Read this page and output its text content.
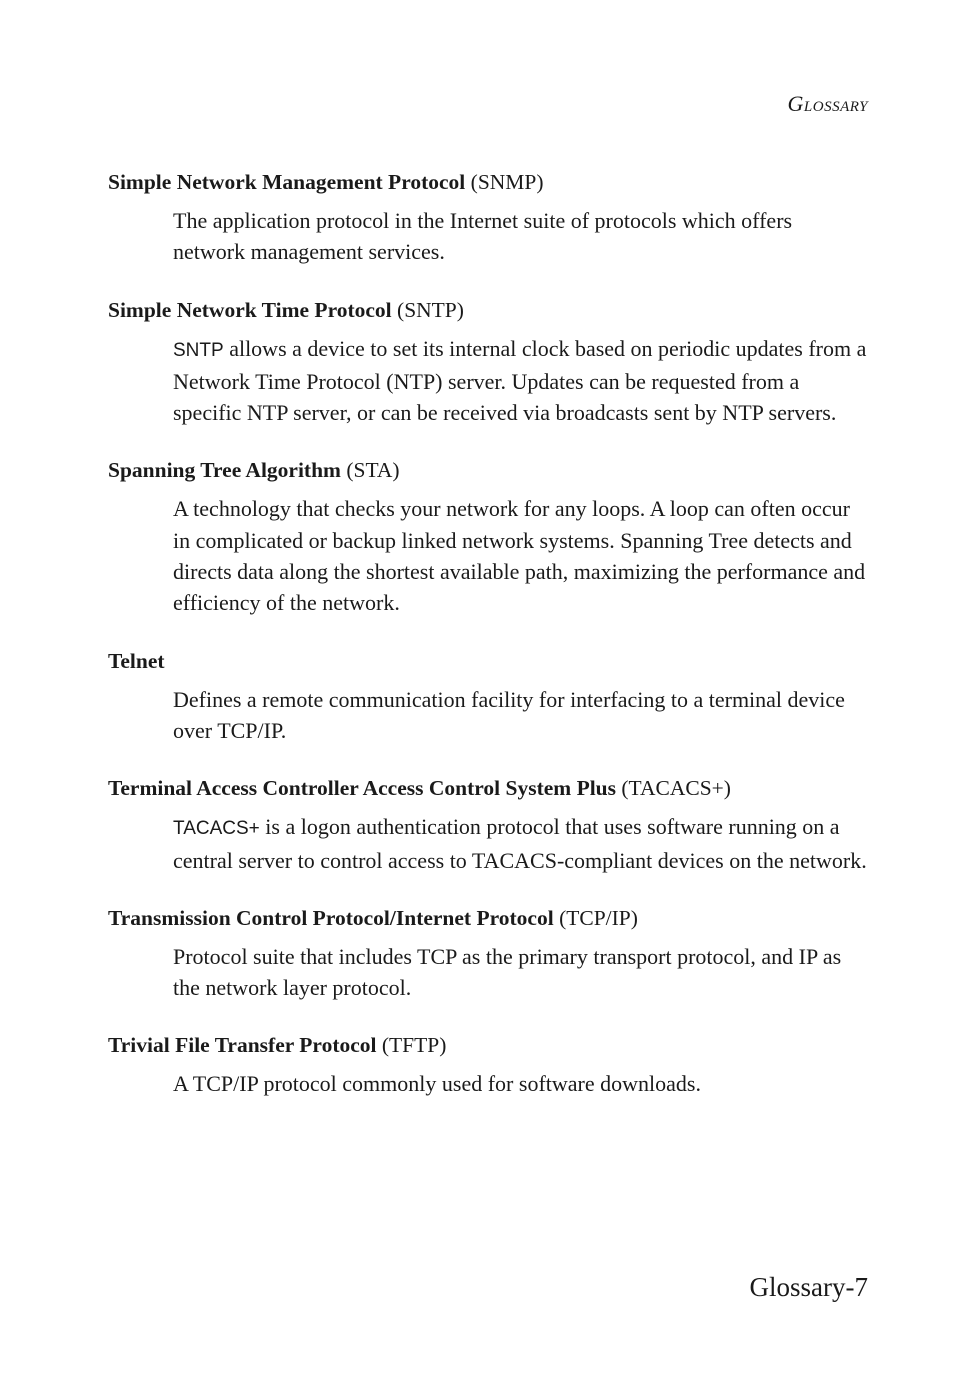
Glossary
Simple Network Management Protocol (SNMP)
The application protocol in the Internet suite of protocols which offers network management services.
Simple Network Time Protocol (SNTP)
SNTP allows a device to set its internal clock based on periodic updates from a Network Time Protocol (NTP) server. Updates can be requested from a specific NTP server, or can be received via broadcasts sent by NTP servers.
Spanning Tree Algorithm (STA)
A technology that checks your network for any loops. A loop can often occur in complicated or backup linked network systems. Spanning Tree detects and directs data along the shortest available path, maximizing the performance and efficiency of the network.
Telnet
Defines a remote communication facility for interfacing to a terminal device over TCP/IP.
Terminal Access Controller Access Control System Plus (TACACS+)
TACACS+ is a logon authentication protocol that uses software running on a central server to control access to TACACS-compliant devices on the network.
Transmission Control Protocol/Internet Protocol (TCP/IP)
Protocol suite that includes TCP as the primary transport protocol, and IP as the network layer protocol.
Trivial File Transfer Protocol (TFTP)
A TCP/IP protocol commonly used for software downloads.
Glossary-7
